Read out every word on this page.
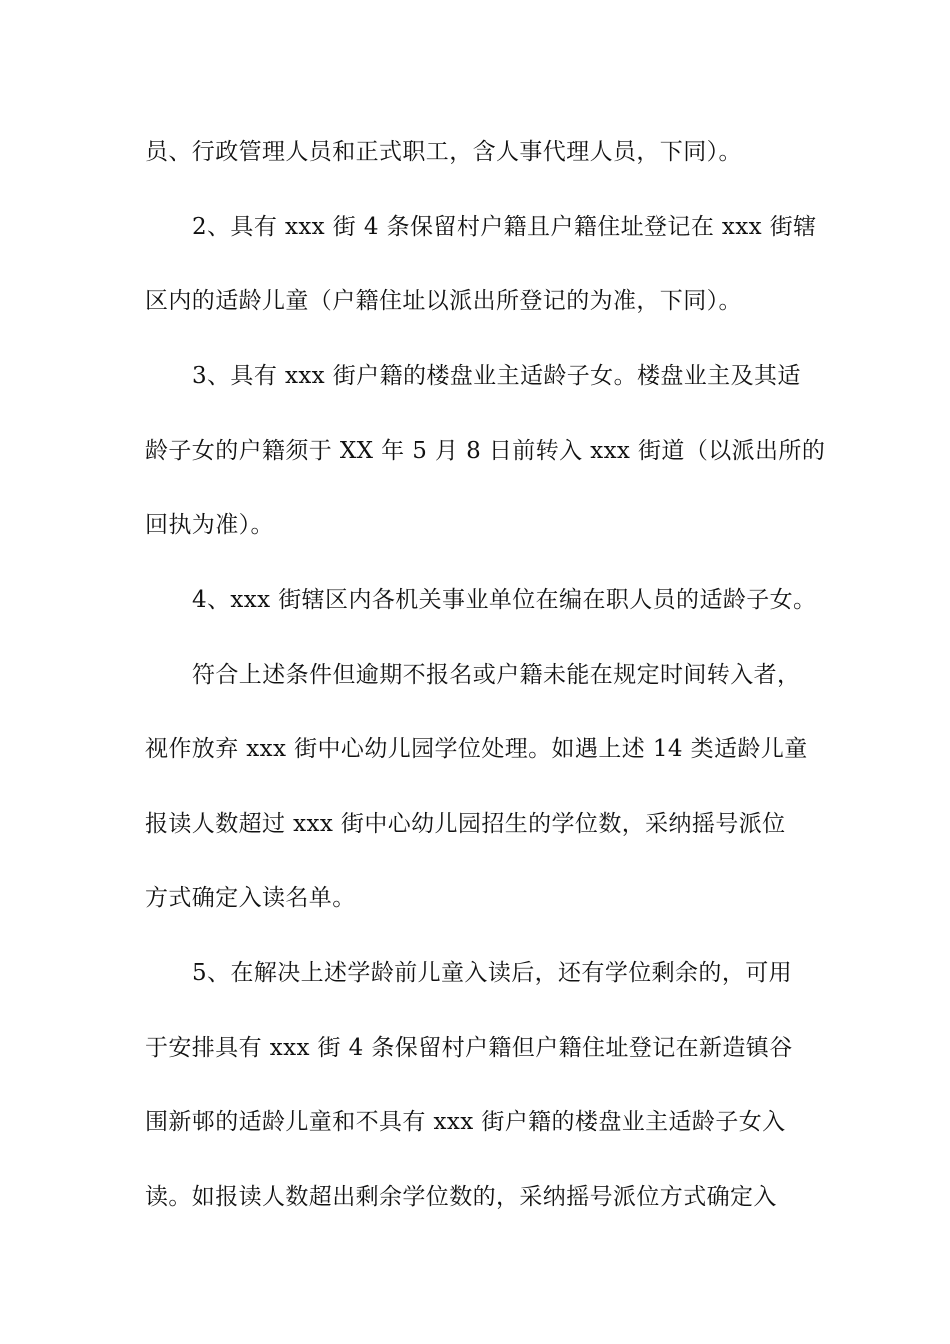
员、行政管理人员和正式职工，含人事代理人员，下同）。
2、具有 xxx 街 4 条保留村户籍且户籍住址登记在 xxx 街辖
区内的适龄儿童（户籍住址以派出所登记的为准，下同）。
3、具有 xxx 街户籍的楼盘业主适龄子女。楼盘业主及其适
龄子女的户籍须于 XX 年 5 月 8 日前转入 xxx 街道（以派出所的
回执为准）。
4、xxx 街辖区内各机关事业单位在编在职人员的适龄子女。
符合上述条件但逾期不报名或户籍未能在规定时间转入者，
视作放弃 xxx 街中心幼儿园学位处理。如遇上述 14 类适龄儿童
报读人数超过 xxx 街中心幼儿园招生的学位数，采纳摇号派位
方式确定入读名单。
5、在解决上述学龄前儿童入读后，还有学位剩余的，可用
于安排具有 xxx 街 4 条保留村户籍但户籍住址登记在新造镇谷
围新邨的适龄儿童和不具有 xxx 街户籍的楼盘业主适龄子女入
读。如报读人数超出剩余学位数的，采纳摇号派位方式确定入
